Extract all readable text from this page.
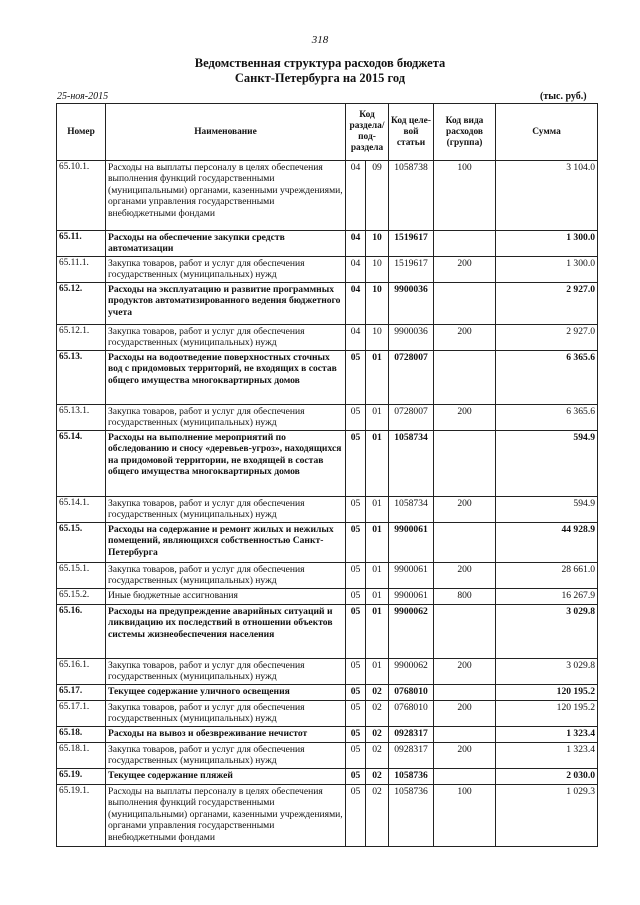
318
Ведомственная структура расходов бюджета
Санкт-Петербурга на 2015 год
25-ноя-2015	(тыс. руб.)
Номер	Наименование	Код раздела/ под-раздела		Код целе-вой статьи	Код вида расходов (группа)	Сумма
65.10.1.	Расходы на выплаты персоналу в целях обеспечения выполнения функций государственными (муниципальными) органами, казенными учреждениями, органами управления государственными внебюджетными фондами	04	09	1058738	100	3 104.0
65.11.	Расходы на обеспечение закупки средств автоматизации	04	10	1519617		1 300.0
65.11.1.	Закупка товаров, работ и услуг для обеспечения государственных (муниципальных) нужд	04	10	1519617	200	1 300.0
65.12.	Расходы на эксплуатацию и развитие программных продуктов автоматизированного ведения бюджетного учета	04	10	9900036		2 927.0
65.12.1.	Закупка товаров, работ и услуг для обеспечения государственных (муниципальных) нужд	04	10	9900036	200	2 927.0
65.13.	Расходы на водоотведение поверхностных сточных вод с придомовых территорий, не входящих в состав общего имущества многоквартирных домов	05	01	0728007		6 365.6
65.13.1.	Закупка товаров, работ и услуг для обеспечения государственных (муниципальных) нужд	05	01	0728007	200	6 365.6
65.14.	Расходы на выполнение мероприятий по обследованию и сносу «деревьев-угроз», находящихся на придомовой территории, не входящей в состав общего имущества многоквартирных домов	05	01	1058734		594.9
65.14.1.	Закупка товаров, работ и услуг для обеспечения государственных (муниципальных) нужд	05	01	1058734	200	594.9
65.15.	Расходы на содержание и ремонт жилых и нежилых помещений, являющихся собственностью Санкт-Петербурга	05	01	9900061		44 928.9
65.15.1.	Закупка товаров, работ и услуг для обеспечения государственных (муниципальных) нужд	05	01	9900061	200	28 661.0
65.15.2.	Иные бюджетные ассигнования	05	01	9900061	800	16 267.9
65.16.	Расходы на предупреждение аварийных ситуаций и ликвидацию их последствий в отношении объектов системы жизнеобеспечения населения	05	01	9900062		3 029.8
65.16.1.	Закупка товаров, работ и услуг для обеспечения государственных (муниципальных) нужд	05	01	9900062	200	3 029.8
65.17.	Текущее содержание уличного освещения	05	02	0768010		120 195.2
65.17.1.	Закупка товаров, работ и услуг для обеспечения государственных (муниципальных) нужд	05	02	0768010	200	120 195.2
65.18.	Расходы на вывоз и обезвреживание нечистот	05	02	0928317		1 323.4
65.18.1.	Закупка товаров, работ и услуг для обеспечения государственных (муниципальных) нужд	05	02	0928317	200	1 323.4
65.19.	Текущее содержание пляжей	05	02	1058736		2 030.0
65.19.1.	Расходы на выплаты персоналу в целях обеспечения выполнения функций государственными (муниципальными) органами, казенными учреждениями, органами управления государственными внебюджетными фондами	05	02	1058736	100	1 029.3
